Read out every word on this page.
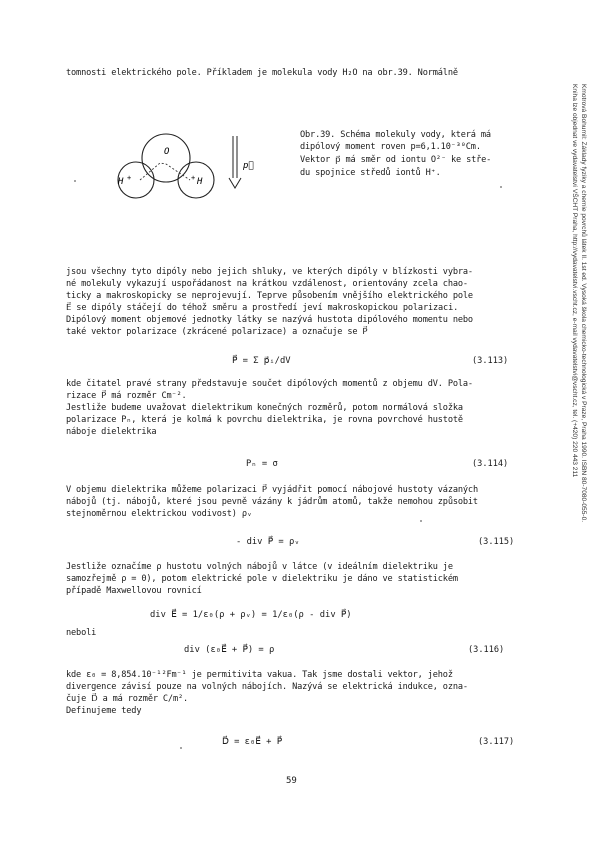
tomnosti elektrického pole. Příkladem je molekula vody H₂O na obr.39. Normálně
O
H +	H
+
p⃗
Obr.39. Schéma molekuly vody, která má
dipólový moment roven p=6,1.10⁻³⁰Cm.
Vektor p⃗ má směr od iontu O²⁻ ke stře-
du spojnice středů iontů H⁺.
jsou všechny tyto dipóly nebo jejich shluky, ve kterých dipóly v blízkosti vybra-
né molekuly vykazují uspořádanost na krátkou vzdálenost, orientovány zcela chao-
ticky a makroskopicky se neprojevují. Teprve působením vnějšího elektrického pole
E⃗ se dipóly stáčejí do téhož směru a prostředí jeví makroskopickou polarizaci.
Dipólový moment objemové jednotky látky se nazývá hustota dipólového momentu nebo
také vektor polarizace (zkrácené polarizace) a označuje se P⃗
P⃗ = Σ p⃗ᵢ/dV	(3.113)
kde čitatel pravé strany představuje součet dipólových momentů z objemu dV. Pola-
rizace P⃗ má rozměr Cm⁻².
Jestliže budeme uvažovat dielektrikum konečných rozměrů, potom normálová složka
polarizace Pₙ, která je kolmá k povrchu dielektrika, je rovna povrchové hustotě
náboje dielektrika
Pₙ = σ	(3.114)
V objemu dielektrika můžeme polarizaci P⃗ vyjádřit pomocí nábojové hustoty vázaných
nábojů (tj. nábojů, které jsou pevně vázány k jádrům atomů, takže nemohou způsobit
stejnoměrnou elektrickou vodivost) ρᵥ
- div P⃗ = ρᵥ	(3.115)
Jestliže označíme ρ hustotu volných nábojů v látce (v ideálním dielektriku je
samozřejmě ρ = 0), potom elektrické pole v dielektriku je dáno ve statistickém
případě Maxwellovou rovnicí
div E⃗ = 1/ε₀(ρ + ρᵥ) = 1/ε₀(ρ - div P⃗)
neboli
div (ε₀E⃗ + P⃗) = ρ	(3.116)
kde ε₀ = 8,854.10⁻¹²Fm⁻¹ je permitivita vakua. Tak jsme dostali vektor, jehož
divergence závisí pouze na volných nábojích. Nazývá se elektrická indukce, ozna-
čuje D⃗ a má rozměr C/m².
Definujeme tedy
D⃗ = ε₀E⃗ + P⃗	(3.117)
59
Kmotrová Bohumil: Základy fyziky a chemie povrchů látek II. 1st ed. Vysoká škola chemicko-technologická v Praze, Praha 1990. ISBN 80-7080-055-0.
Kniha lze objednat ve vydavatelství VŠCHT Praha, http://vydavatelstvi.vscht.cz, e-mail vydavatelstvi@vscht.cz, tel. (+420) 220 443 211
